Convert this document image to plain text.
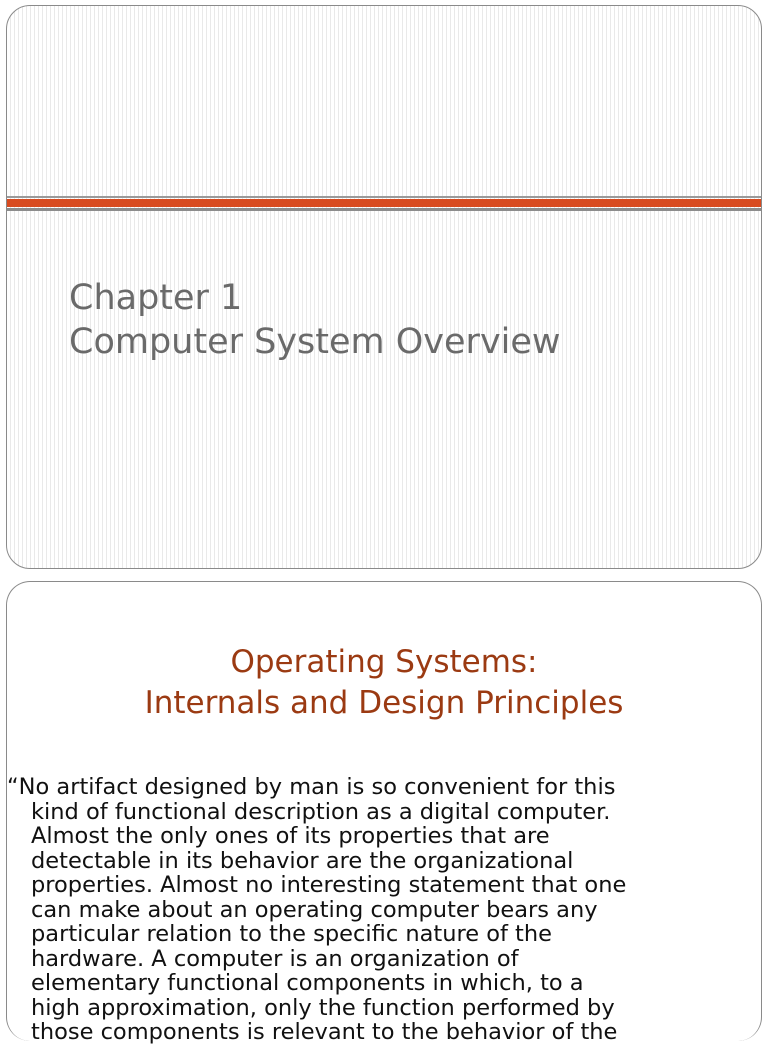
Chapter 1
Computer System Overview
Operating Systems:
Internals and Design Principles
“No artifact designed by man is so convenient for this
kind of functional description as a digital computer.
Almost the only ones of its properties that are
detectable in its behavior are the organizational
properties. Almost no interesting statement that one
can make about an operating computer bears any
particular relation to the specific nature of the
hardware. A computer is an organization of
elementary functional components in which, to a
high approximation, only the function performed by
those components is relevant to the behavior of the
